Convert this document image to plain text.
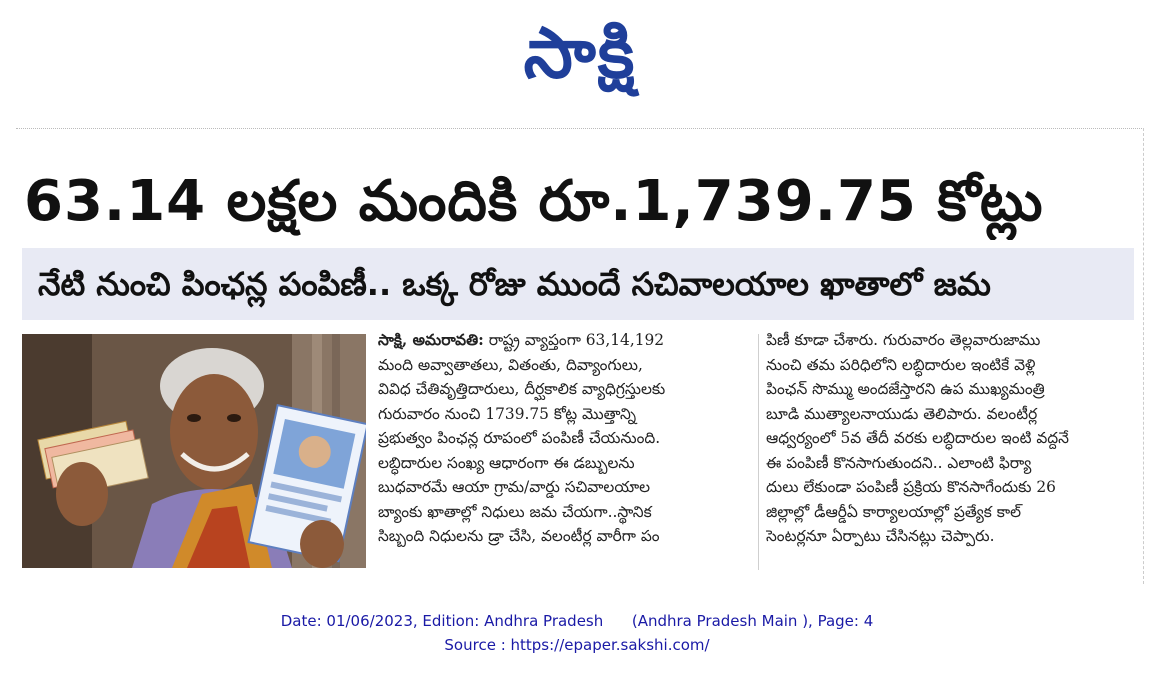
సాక్షి
63.14 లక్షల మందికి రూ.1,739.75 కోట్లు
నేటి నుంచి పింఛన్ల పంపిణీ.. ఒక్క రోజు ముందే సచివాలయాల ఖాతాలో జమ
సాక్షి, అమరావతి: రాష్ట్ర వ్యాప్తంగా 63,14,192
మంది అవ్వాతాతలు, వితంతు, దివ్యాంగులు,
వివిధ చేతివృత్తిదారులు, దీర్ఘకాలిక వ్యాధిగ్రస్తులకు
గురువారం నుంచి 1739.75 కోట్ల మొత్తాన్ని
ప్రభుత్వం పింఛన్ల రూపంలో పంపిణీ చేయనుంది.
లబ్ధిదారుల సంఖ్య ఆధారంగా ఈ డబ్బులను
బుధవారమే ఆయా గ్రామ/వార్డు సచివాలయాల
బ్యాంకు ఖాతాల్లో నిధులు జమ చేయగా..స్థానిక
సిబ్బంది నిధులను డ్రా చేసి, వలంటీర్ల వారీగా పం
పిణీ కూడా చేశారు. గురువారం తెల్లవారుజాము
నుంచి తమ పరిధిలోని లబ్ధిదారుల ఇంటికే వెళ్లి
పింఛన్ సొమ్ము అందజేస్తారని ఉప ముఖ్యమంత్రి
బూడి ముత్యాలనాయుడు తెలిపారు. వలంటీర్ల
ఆధ్వర్యంలో 5వ తేదీ వరకు లబ్ధిదారుల ఇంటి వద్దనే
ఈ పంపిణీ కొనసాగుతుందని.. ఎలాంటి ఫిర్యా
దులు లేకుండా పంపిణీ ప్రక్రియ కొనసాగేందుకు 26
జిల్లాల్లో డీఆర్డీఏ కార్యాలయాల్లో ప్రత్యేక కాల్
సెంటర్లనూ ఏర్పాటు చేసినట్లు చెప్పారు.
Date: 01/06/2023, Edition: Andhra Pradesh      (Andhra Pradesh Main ), Page: 4
Source : https://epaper.sakshi.com/
